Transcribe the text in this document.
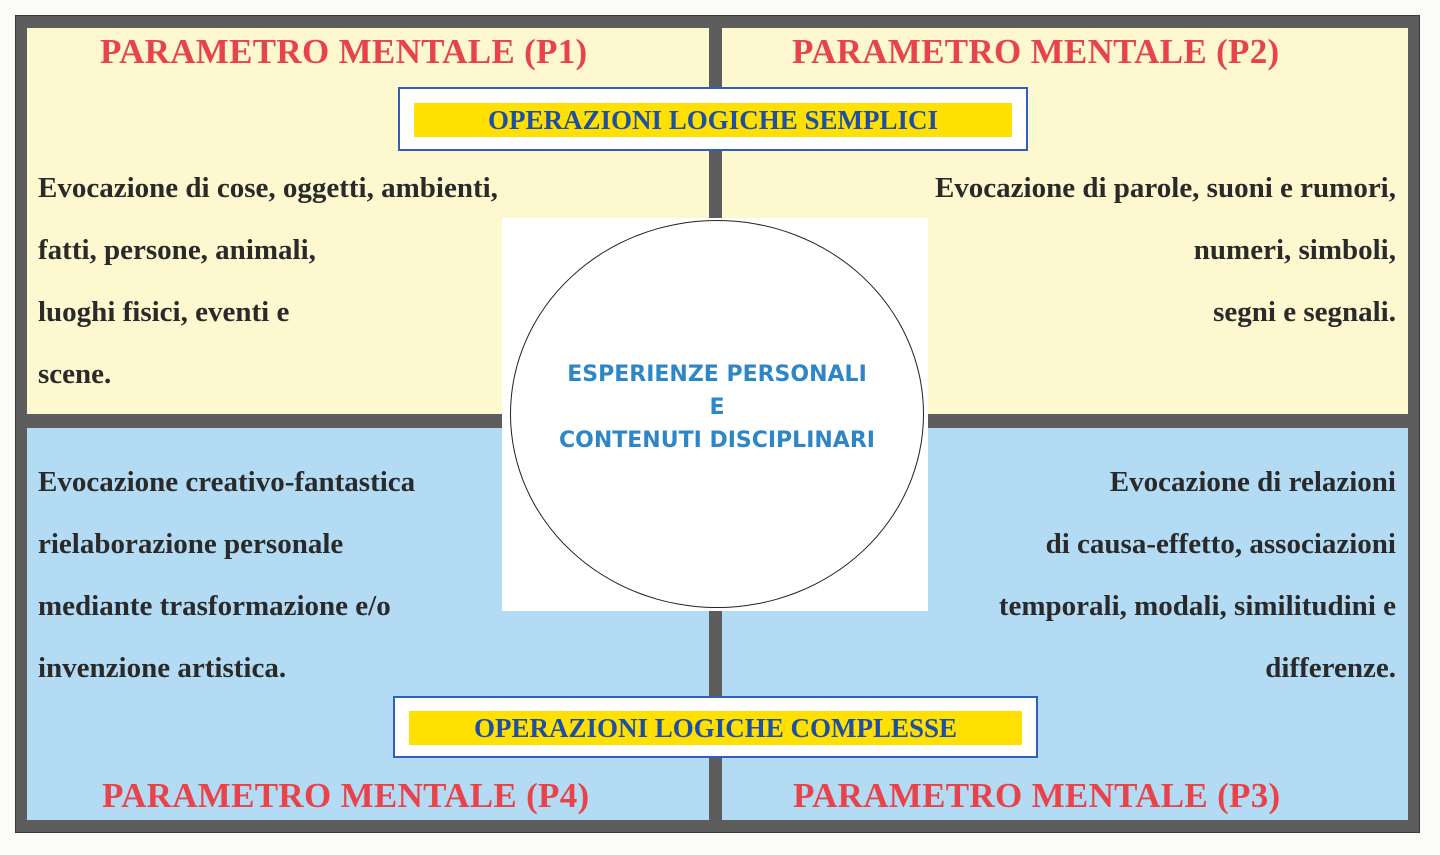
PARAMETRO MENTALE (P1)	PARAMETRO MENTALE (P2)
PARAMETRO MENTALE (P4)	PARAMETRO MENTALE (P3)
Evocazione di cose, oggetti, ambienti,
fatti, persone, animali,
luoghi fisici, eventi e
scene.
Evocazione di parole, suoni e rumori,
numeri, simboli,
segni e segnali.
Evocazione creativo-fantastica
rielaborazione personale
mediante trasformazione e/o
invenzione artistica.
Evocazione di relazioni
di causa-effetto, associazioni
temporali, modali, similitudini e
differenze.
OPERAZIONI LOGICHE SEMPLICI
OPERAZIONI LOGICHE COMPLESSE
ESPERIENZE PERSONALI
E
CONTENUTI DISCIPLINARI
